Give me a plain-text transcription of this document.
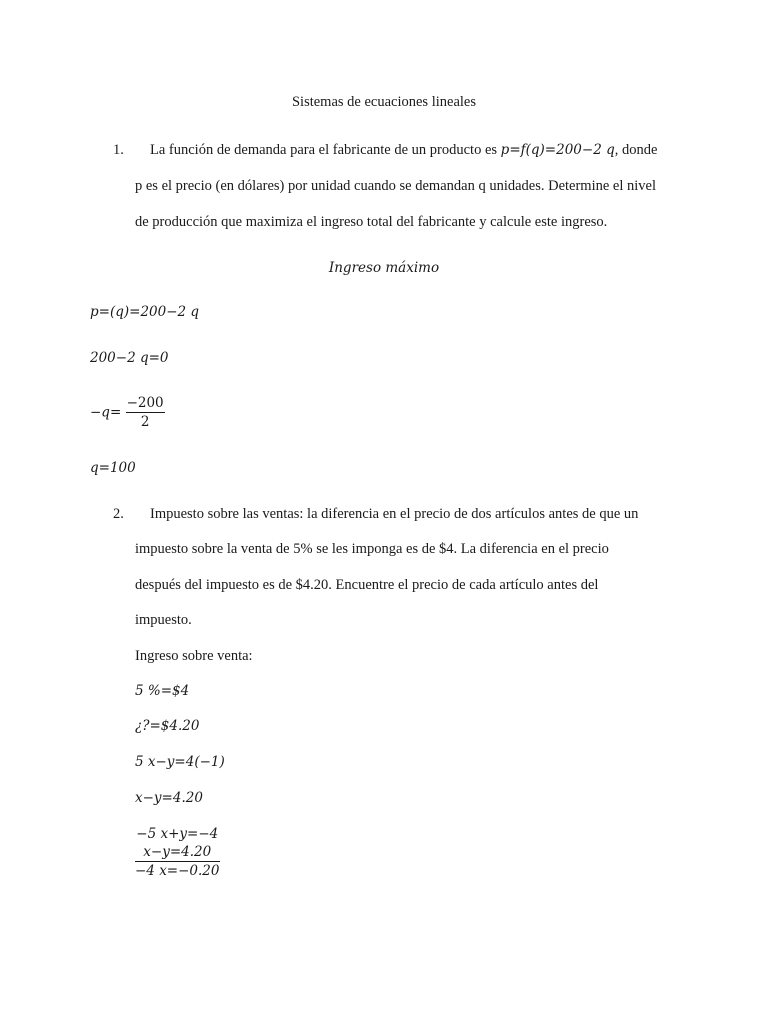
Sistemas de ecuaciones lineales
1. La función de demanda para el fabricante de un producto es p=f(q)=200−2 q, donde
p es el precio (en dólares) por unidad cuando se demandan q unidades. Determine el nivel
de producción que maximiza el ingreso total del fabricante y calcule este ingreso.
Ingreso máximo
p=(q)=200−2 q
200−2 q=0
$-q= \frac{-200}{2}$
q=100
2. Impuesto sobre las ventas: la diferencia en el precio de dos artículos antes de que un
impuesto sobre la venta de 5% se les imponga es de $4. La diferencia en el precio
después del impuesto es de $4.20. Encuentre el precio de cada artículo antes del
impuesto.
Ingreso sobre venta:
5 %=$4
¿?=$4.20
5 x−y=4(−1)
x−y=4.20
−5 x+y=−4
x−y=4.20
−4 x=−0.20
